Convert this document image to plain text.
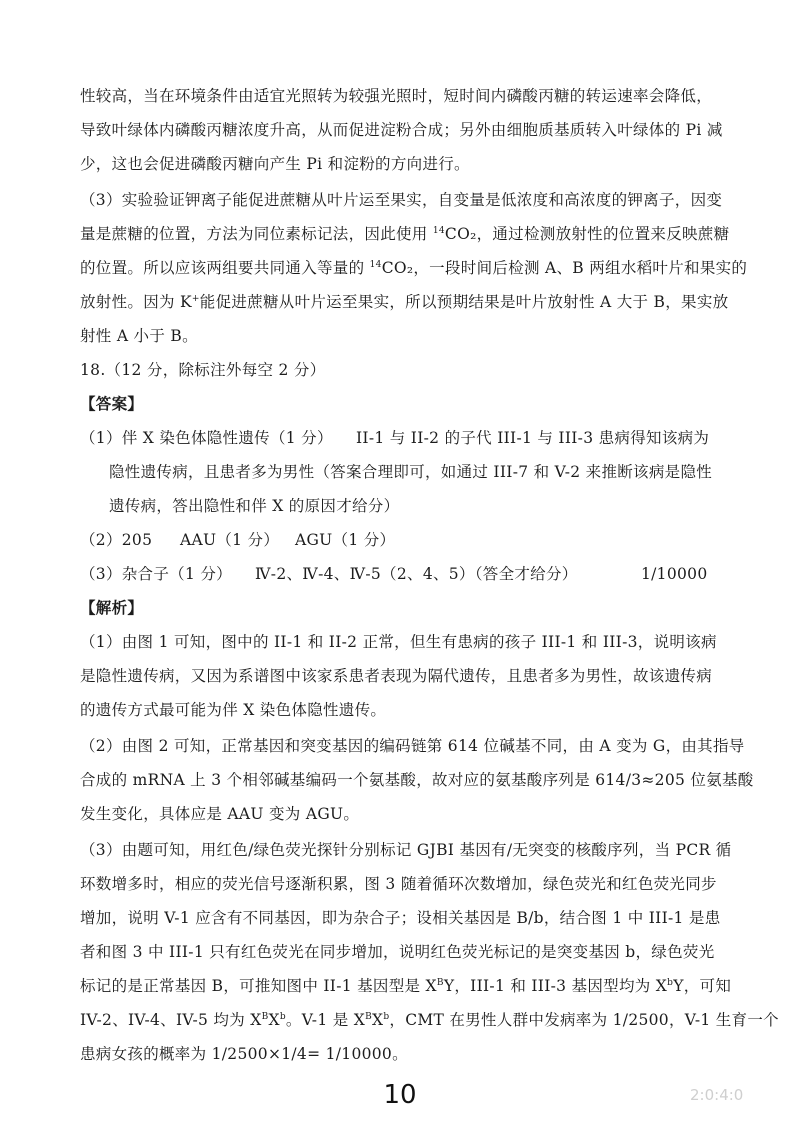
性较高，当在环境条件由适宜光照转为较强光照时，短时间内磷酸丙糖的转运速率会降低，
导致叶绿体内磷酸丙糖浓度升高，从而促进淀粉合成；另外由细胞质基质转入叶绿体的 Pi 减
少，这也会促进磷酸丙糖向产生 Pi 和淀粉的方向进行。
（3）实验验证钾离子能促进蔗糖从叶片运至果实，自变量是低浓度和高浓度的钾离子，因变
量是蔗糖的位置，方法为同位素标记法，因此使用 $^{14}$CO₂，通过检测放射性的位置来反映蔗糖
的位置。所以应该两组要共同通入等量的 $^{14}$CO₂，一段时间后检测 A、B 两组水稻叶片和果实的
放射性。因为 K+能促进蔗糖从叶片运至果实，所以预期结果是叶片放射性 A 大于 B，果实放
射性 A 小于 B。
18.（12 分，除标注外每空 2 分）
【答案】
（1）伴 X 染色体隐性遗传（1 分） II-1 与 II-2 的子代 III-1 与 III-3 患病得知该病为
隐性遗传病，且患者多为男性（答案合理即可，如通过 III-7 和 V-2 来推断该病是隐性
遗传病，答出隐性和伴 X 的原因才给分）
（2）205 AAU（1 分） AGU（1 分）
（3）杂合子（1 分） Ⅳ-2、Ⅳ-4、Ⅳ-5（2、4、5）（答全才给分）	1/10000
【解析】
（1）由图 1 可知，图中的 II-1 和 II-2 正常，但生有患病的孩子 III-1 和 III-3，说明该病
是隐性遗传病，又因为系谱图中该家系患者表现为隔代遗传，且患者多为男性，故该遗传病
的遗传方式最可能为伴 X 染色体隐性遗传。
（2）由图 2 可知，正常基因和突变基因的编码链第 614 位碱基不同，由 A 变为 G，由其指导
合成的 mRNA 上 3 个相邻碱基编码一个氨基酸，故对应的氨基酸序列是 614/3≈205 位氨基酸
发生变化，具体应是 AAU 变为 AGU。
（3）由题可知，用红色/绿色荧光探针分别标记 GJBI 基因有/无突变的核酸序列，当 PCR 循
环数增多时，相应的荧光信号逐渐积累，图 3 随着循环次数增加，绿色荧光和红色荧光同步
增加，说明 V-1 应含有不同基因，即为杂合子；设相关基因是 B/b，结合图 1 中 III-1 是患
者和图 3 中 III-1 只有红色荧光在同步增加，说明红色荧光标记的是突变基因 b，绿色荧光
标记的是正常基因 B，可推知图中 II-1 基因型是 $X^BY$，III-1 和 III-3 基因型均为 $X^bY$，可知
IV-2、IV-4、IV-5 均为 $X^BX^b$。V-1 是 $X^BX^b$，CMT 在男性人群中发病率为 1/2500，V-1 生育一个
患病女孩的概率为 1/2500×1/4= 1/10000。
10	2:0:4:0
